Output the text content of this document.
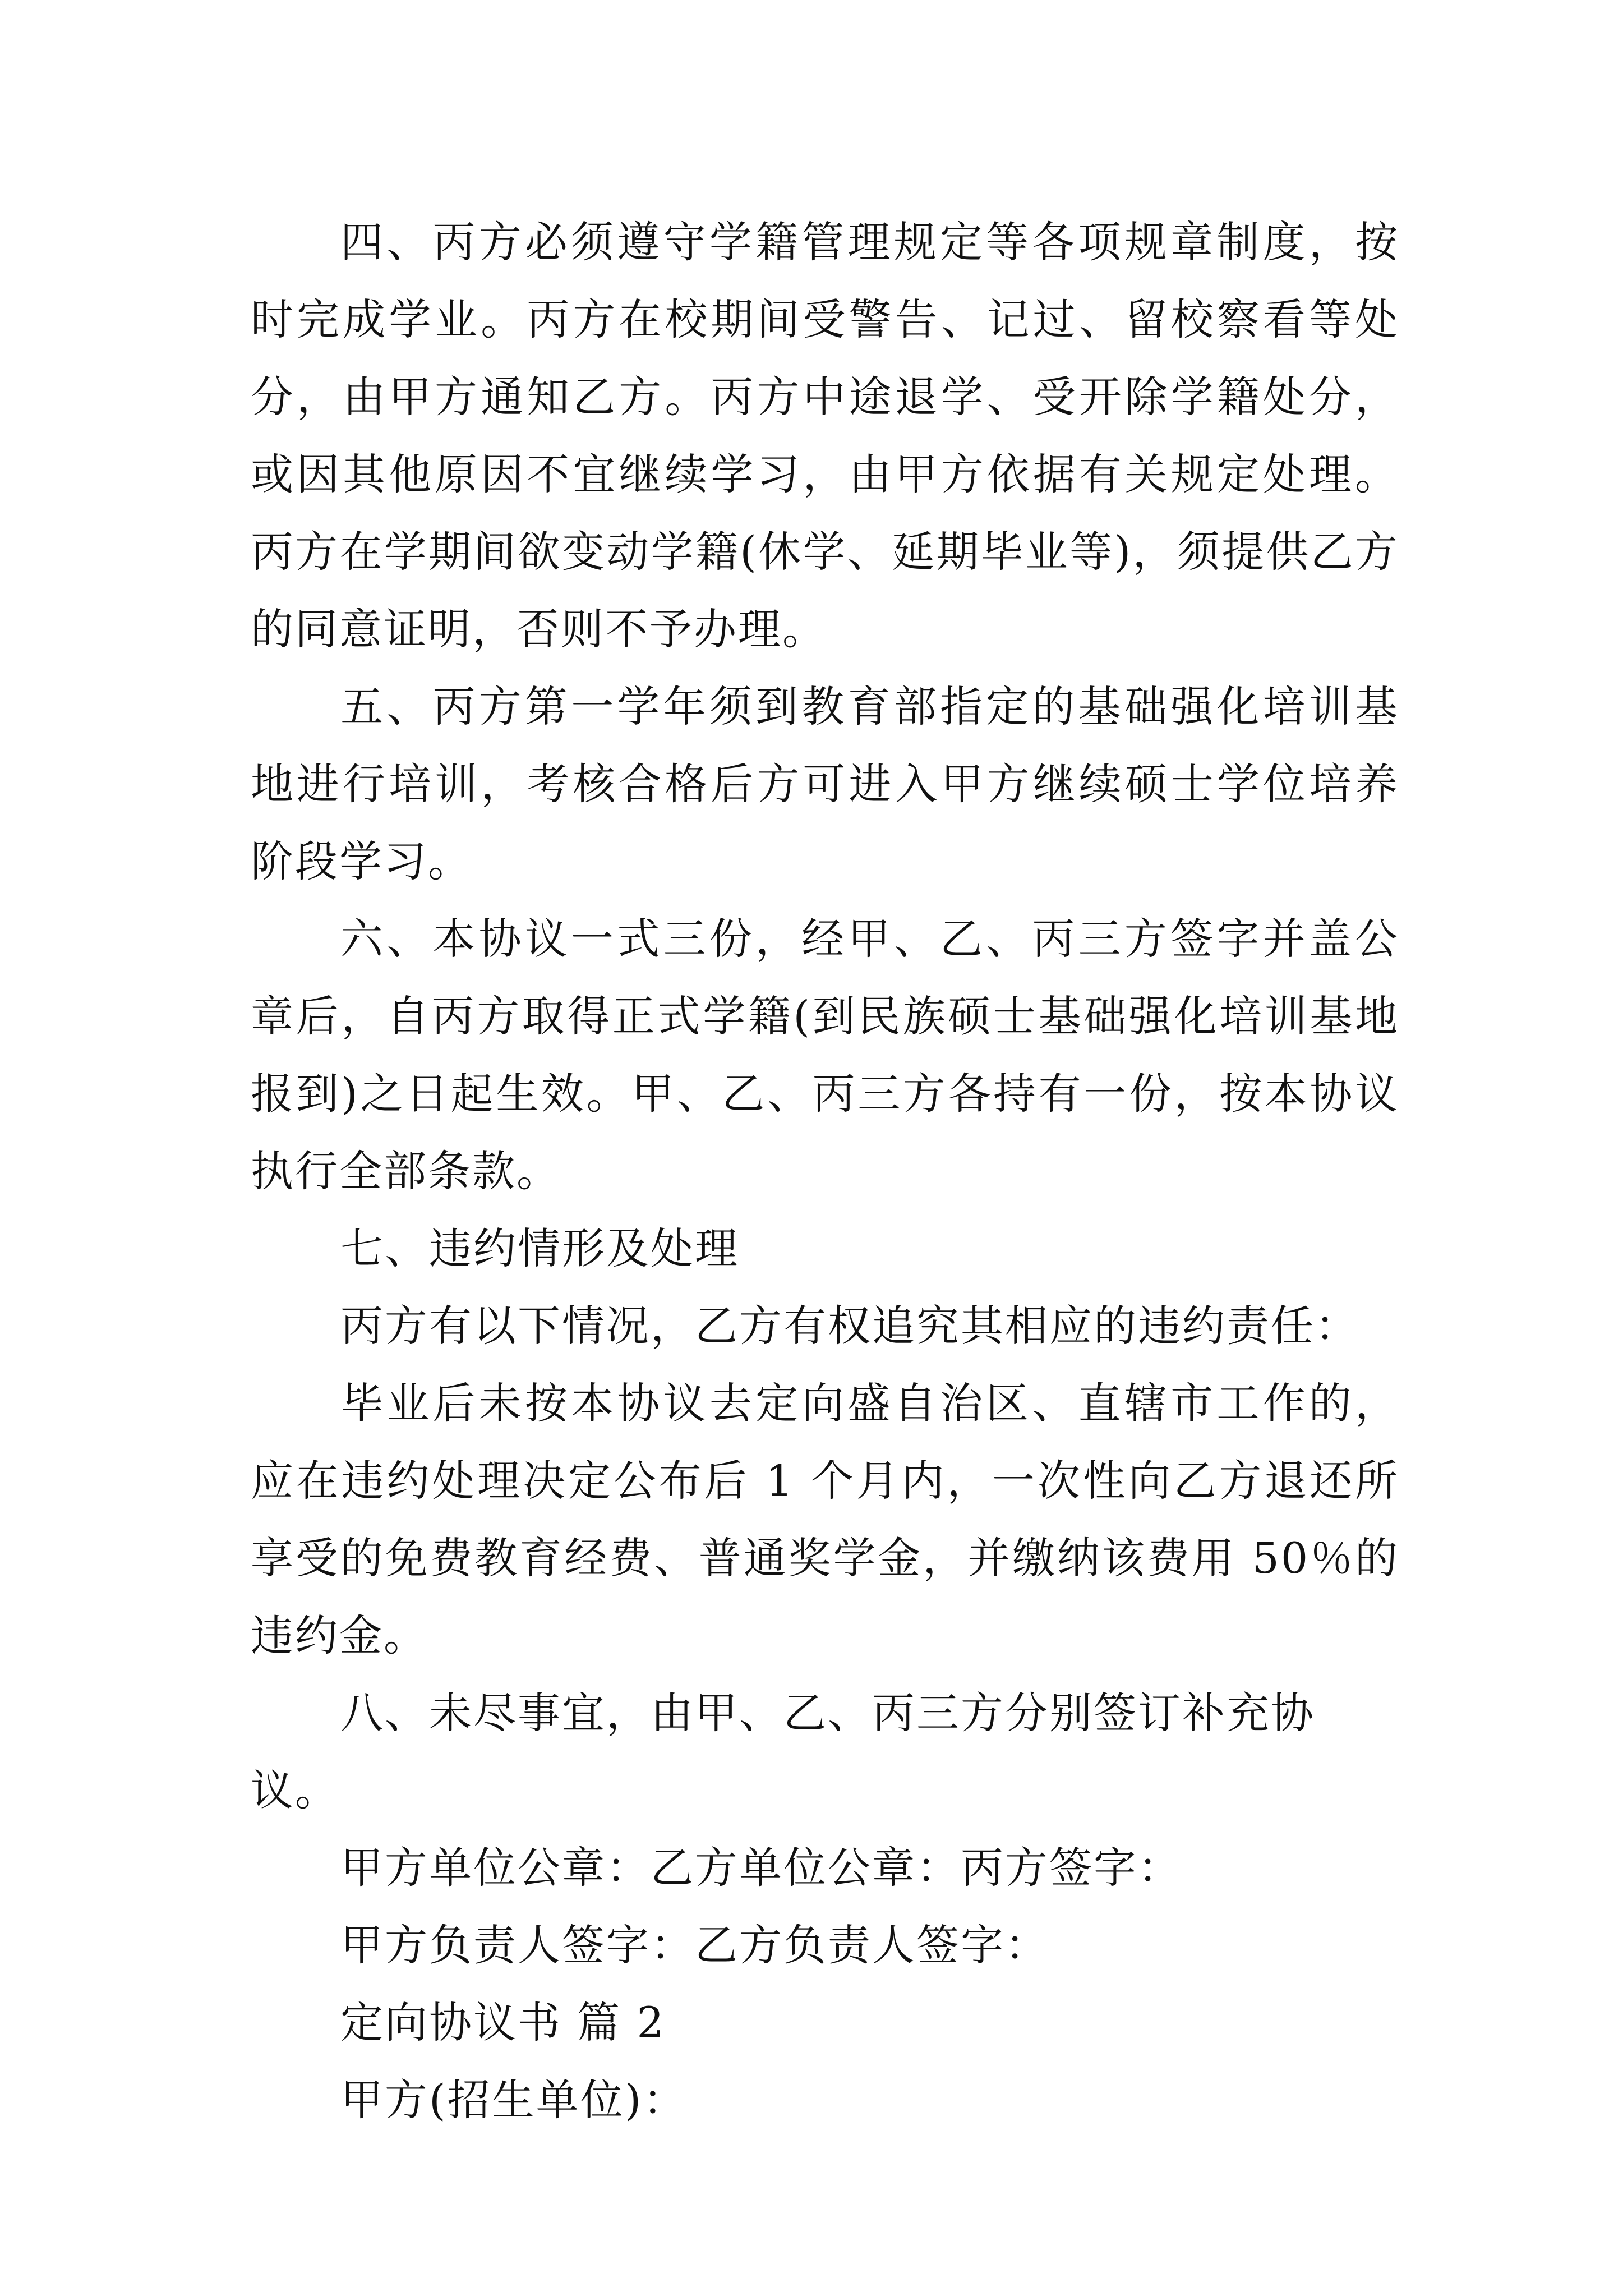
四、丙方必须遵守学籍管理规定等各项规章制度，按时完成学业。丙方在校期间受警告、记过、留校察看等处分，由甲方通知乙方。丙方中途退学、受开除学籍处分，或因其他原因不宜继续学习，由甲方依据有关规定处理。丙方在学期间欲变动学籍(休学、延期毕业等)，须提供乙方的同意证明，否则不予办理。

五、丙方第一学年须到教育部指定的基础强化培训基地进行培训，考核合格后方可进入甲方继续硕士学位培养阶段学习。

六、本协议一式三份，经甲、乙、丙三方签字并盖公章后，自丙方取得正式学籍(到民族硕士基础强化培训基地报到)之日起生效。甲、乙、丙三方各持有一份，按本协议执行全部条款。

七、违约情形及处理

丙方有以下情况，乙方有权追究其相应的违约责任：

毕业后未按本协议去定向盛自治区、直辖市工作的，应在违约处理决定公布后 1 个月内，一次性向乙方退还所享受的免费教育经费、普通奖学金，并缴纳该费用 50％的违约金。

八、未尽事宜，由甲、乙、丙三方分别签订补充协议。

甲方单位公章：乙方单位公章：丙方签字：

甲方负责人签字：乙方负责人签字：

定向协议书 篇 2

甲方(招生单位)：
